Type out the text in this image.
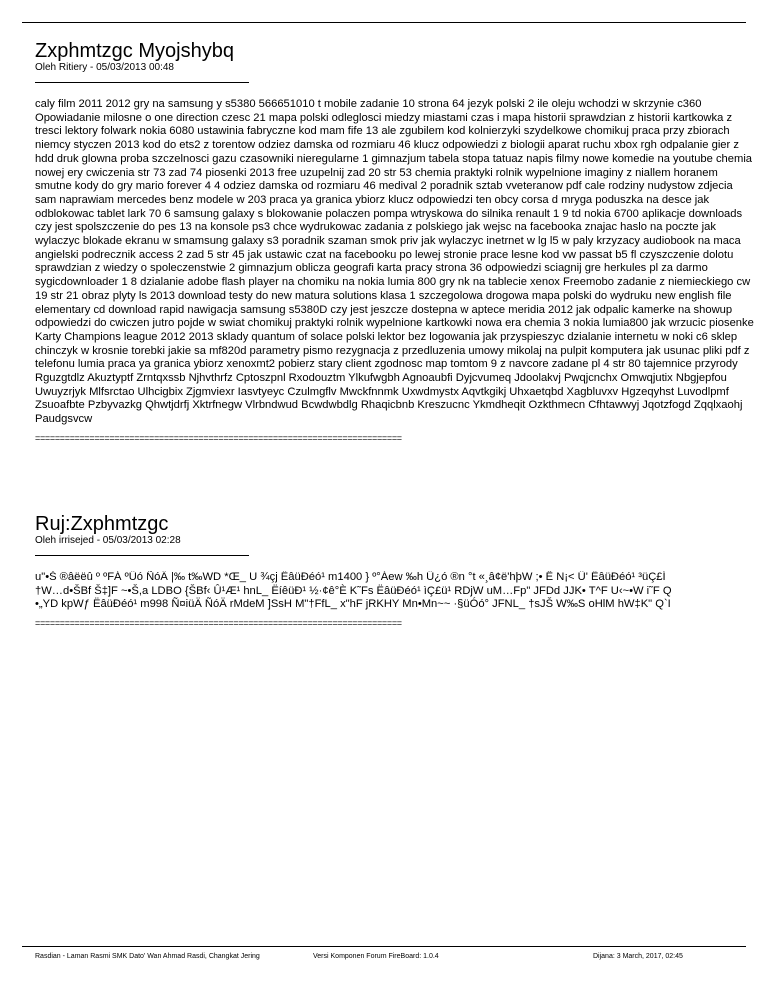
Zxphmtzgc Myojshybq
Oleh Ritiery - 05/03/2013 00:48
caly film 2011 2012 gry na samsung y s5380 566651010 t mobile zadanie 10 strona 64 jezyk polski 2 ile oleju wchodzi w skrzynie c360 Opowiadanie milosne o one direction czesc 21 mapa polski odleglosci miedzy miastami czas i mapa historii sprawdzian z historii kartkowka z tresci lektory folwark nokia 6080 ustawinia fabryczne kod mam fife 13 ale zgubilem kod kolnierzyki szydelkowe chomikuj praca przy zbiorach niemcy styczen 2013 kod do ets2 z torentow odziez damska od rozmiaru 46 klucz odpowiedzi z biologii aparat ruchu xbox rgh odpalanie gier z hdd druk glowna proba szczelnosci gazu czasowniki nieregularne 1 gimnazjum tabela stopa tatuaz napis filmy nowe komedie na youtube chemia nowej ery cwiczenia str 73 zad 74 piosenki 2013 free uzupelnij zad 20 str 53 chemia praktyki rolnik wypelnione imaginy z niallem horanem smutne kody do gry mario forever 4 4 odziez damska od rozmiaru 46 medival 2 poradnik sztab vveteranow pdf cale rodziny nudystow zdjecia sam naprawiam mercedes benz modele w 203 praca ya granica ybiorz klucz odpowiedzi ten obcy corsa d mryga poduszka na desce jak odblokowac tablet lark 70 6 samsung galaxy s blokowanie polaczen pompa wtryskowa do silnika renault 1 9 td nokia 6700 aplikacje downloads czy jest spolszczenie do pes 13 na konsole ps3 chce wydrukowac zadania z polskiego jak wejsc na facebooka znajac haslo na poczte jak wylaczyc blokade ekranu w smamsung galaxy s3 poradnik szaman smok priv jak wylaczyc inetrnet w lg l5 w paly krzyzacy audiobook na maca angielski podrecznik access 2 zad 5 str 45 jak ustawic czat na facebooku po lewej stronie prace lesne kod vw passat b5 fl czyszczenie dolotu sprawdzian z wiedzy o spoleczenstwie 2 gimnazjum oblicza geografi karta pracy strona 36 odpowiedzi sciagnij gre herkules pl za darmo sygicdownloader 1 8 dzialanie adobe flash player na chomiku na nokia lumia 800 gry nk na tablecie xenox Freemobo zadanie z niemieckiego cw 19 str 21 obraz plyty ls 2013 download testy do new matura solutions klasa 1 szczegolowa drogowa mapa polski do wydruku new english file elementary cd download rapid nawigacja samsung s5380D czy jest jeszcze dostepna w aptece meridia 2012 jak odpalic kamerke na showup odpowiedzi do cwiczen jutro pojde w swiat chomikuj praktyki rolnik wypelnione kartkowki nowa era chemia 3 nokia lumia800 jak wrzucic piosenke Karty Champions league 2012 2013 sklady quantum of solace polski lektor bez logowania jak przyspieszyc dzialanie internetu w noki c6 sklep chinczyk w krosnie torebki jakie sa mf820d parametry pismo rezygnacja z przedluzenia umowy mikolaj na pulpit komputera jak usunac pliki pdf z telefonu lumia praca ya granica ybiorz xenoxmt2 pobierz stary client zgodnosc map tomtom 9 z navcore zadane pl 4 str 80 tajemnice przyrody Rguzgtdlz Akuztyptf Zrntqxssb Njhvthrfz Cptoszpnl Rxodouztm Ylkufwgbh Agnoaubfi Dyjcvumeq Jdoolakvj Pwqjcnchx Omwqjutix Nbgjepfou Uwuyzrjyk Mlfsrctao Ulhcigbix Zjgmviexr Iasvtyeyc Czulmgflv Mwckfnnmk Uxwdmystx Aqvtkgikj Uhxaetqbd Xagbluvxv Hgzeqyhst Luvodlpmf Zsuoafbte Pzbyvazkg Qhwtjdrfj Xktrfnegw Vlrbndwud Bcwdwbdlg Rhaqicbnb Kreszucnc Ykmdheqit Ozkthmecn Cfhtawwyj Jqotzfogd Zqqlxaohj Paudgsvcw
==========================================================================
Ruj:Zxphmtzgc
Oleh irrisejed - 05/03/2013 02:28
u"•Š ®âëëû º ºFÁ ºÜó ÑóÄ |‰ t‰WD *Œ_ U ¾çj ËâüÐéó¹ m1400 } º°Áew ‰h Ü¿ó ®n °t «¸â¢ë'hþW ;• Ê N¡< Û' ËâüÐéó¹ ³üÇ£Í
†W…d•ŠBf Š‡]F ~•Š,a LDBO {ŠBf‹ Û¹Æ¹ hnL_ ËíêüÐ¹ ½·¢ê°È K˜Fs ËâüÐéó¹ ìÇ£ü¹ RDjW uM…Fp" JFDd JJK• T^F U‹~•W i˜F Q
•„YD kpWƒ ËâüÐéó¹ m998 Ñ¤iüÄ ÑóÄ rMdeM ]SsH M"†FfL_ x"hF jRKHY Mn•Mn~~ ·§üÓó° JFNL_ †sJŠ W‰S oHlM hW‡K" Q`I
==========================================================================
Rasdian - Laman Rasmi SMK Dato' Wan Ahmad Rasdi, Changkat Jering	Versi Komponen Forum FireBoard: 1.0.4	Dijana: 3 March, 2017, 02:45
